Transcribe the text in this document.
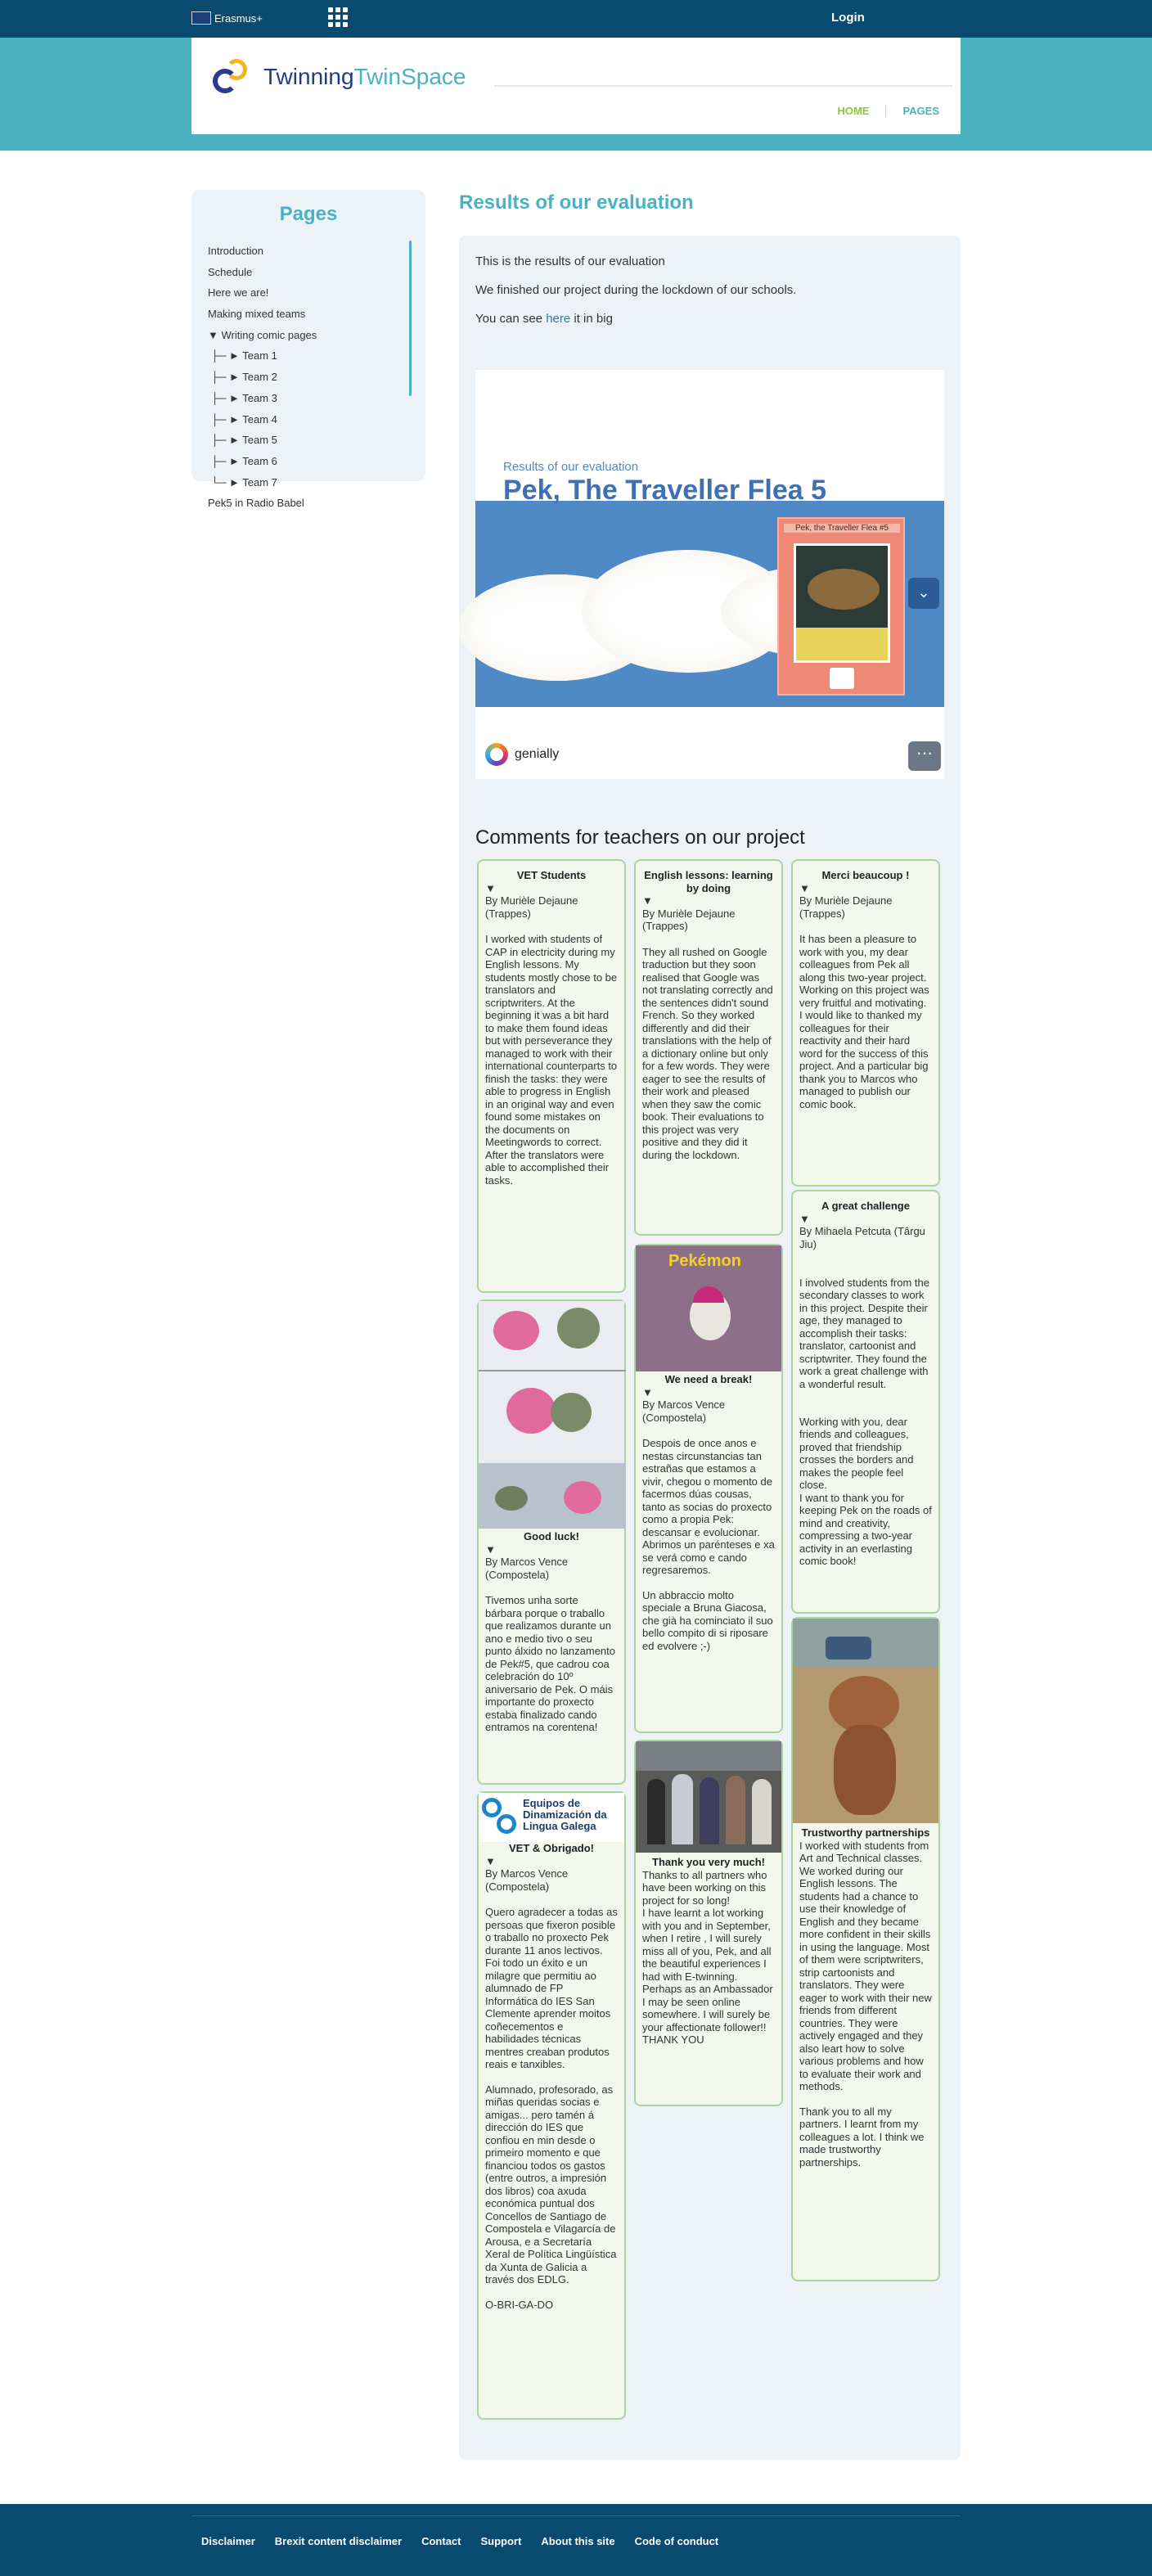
Erasmus+	Login
TwinningTwinSpace
HOME	PAGES
Pages
Introduction
Schedule
Here we are!
Making mixed teams
▼ Writing comic pages
├─ ► Team 1
├─ ► Team 2
├─ ► Team 3
├─ ► Team 4
├─ ► Team 5
├─ ► Team 6
└─ ► Team 7
Pek5 in Radio Babel
Results of our evaluation

This is the results of our evaluation

We finished our project during the lockdown of our schools.

You can see here it in big

Results of our evaluation
Pek, The Traveller Flea 5
Participants :
6 teachers and 30 students
Pek, the Traveller Flea #5
⌄
genially	⋯
Comments for teachers on our project
VET Students
▼
By Murièle Dejaune (Trappes)

I worked with students of CAP in electricity during my English lessons. My students mostly chose to be translators and scriptwriters. At the beginning it was a bit hard to make them found ideas but with perseverance they managed to work with their international counterparts to finish the tasks: they were able to progress in English in an original way and even found some mistakes on the documents on Meetingwords to correct. After the translators were able to accomplished their tasks.

Good luck!
▼
By Marcos Vence (Compostela)

Tivemos unha sorte bárbara porque o traballo que realizamos durante un ano e medio tivo o seu punto álxido no lanzamento de Pek#5, que cadrou coa celebración do 10º aniversario de Pek. O máis importante do proxecto estaba finalizado cando entramos na corentena!

Equipos de Dinamización da Lingua Galega
VET & Obrigado!
▼
By Marcos Vence (Compostela)

Quero agradecer a todas as persoas que fixeron posible o traballo no proxecto Pek durante 11 anos lectivos. Foi todo un éxito e un milagre que permitiu ao alumnado de FP Informática do IES San Clemente aprender moitos coñecementos e habilidades técnicas mentres creaban produtos reais e tanxibles.

Alumnado, profesorado, as miñas queridas socias e amigas... pero tamén á dirección do IES que confiou en min desde o primeiro momento e que financiou todos os gastos (entre outros, a impresión dos libros) coa axuda económica puntual dos Concellos de Santiago de Compostela e Vilagarcía de Arousa, e a Secretaría Xeral de Política Lingüística da Xunta de Galicia a través dos EDLG.

O-BRI-GA-DO

English lessons: learning by doing
▼
By Murièle Dejaune (Trappes)

They all rushed on Google traduction but they soon realised that Google was not translating correctly and the sentences didn't sound French. So they worked differently and did their translations with the help of a dictionary online but only for a few words. They were eager to see the results of their work and pleased when they saw the comic book. Their evaluations to this project was very positive and they did it during the lockdown.

Pekémon
We need a break!
▼
By Marcos Vence (Compostela)

Despois de once anos e nestas circunstancias tan estrañas que estamos a vivir, chegou o momento de facermos dúas cousas, tanto as socias do proxecto como a propia Pek: descansar e evolucionar. Abrimos un parénteses e xa se verá como e cando regresaremos.

Un abbraccio molto speciale a Bruna Giacosa, che già ha cominciato il suo bello compito di si riposare ed evolvere ;-)

Thank you very much!

Thanks to all partners who have been working on this project for so long!
I have learnt a lot working with you and in September, when I retire , I will surely miss all of you, Pek, and all the beautiful experiences I had with E-twinning. Perhaps as an Ambassador I may be seen online somewhere. I will surely be your affectionate follower!!
THANK YOU

Merci beaucoup !
▼
By Murièle Dejaune (Trappes)

It has been a pleasure to work with you, my dear colleagues from Pek all along this two-year project.
Working on this project was very fruitful and motivating. I would like to thanked my colleagues for their reactivity and their hard word for the success of this project. And a particular big thank you to Marcos who managed to publish our comic book.

A great challenge
▼
By Mihaela Petcuta (Târgu Jiu)

I involved students from the secondary classes to work in this project. Despite their age, they managed to accomplish their tasks: translator, cartoonist and scriptwriter. They found the work a great challenge with a wonderful result.

Working with you, dear friends and colleagues, proved that friendship crosses the borders and makes the people feel close.
I want to thank you for keeping Pek on the roads of mind and creativity, compressing a two-year activity in an everlasting comic book!

Trustworthy partnerships

I worked with students from Art and Technical classes. We worked during our English lessons. The students had a chance to use their knowledge of English and they became more confident in their skills in using the language. Most of them were scriptwriters, strip cartoonists and translators. They were eager to work with their new friends from different countries. They were actively engaged and they also leart how to solve various problems and how to evaluate their work and methods.

Thank you to all my partners. I learnt from my colleagues a lot. I think we made trustworthy partnerships.

Disclaimer Brexit content disclaimer Contact Support About this site Code of conduct
